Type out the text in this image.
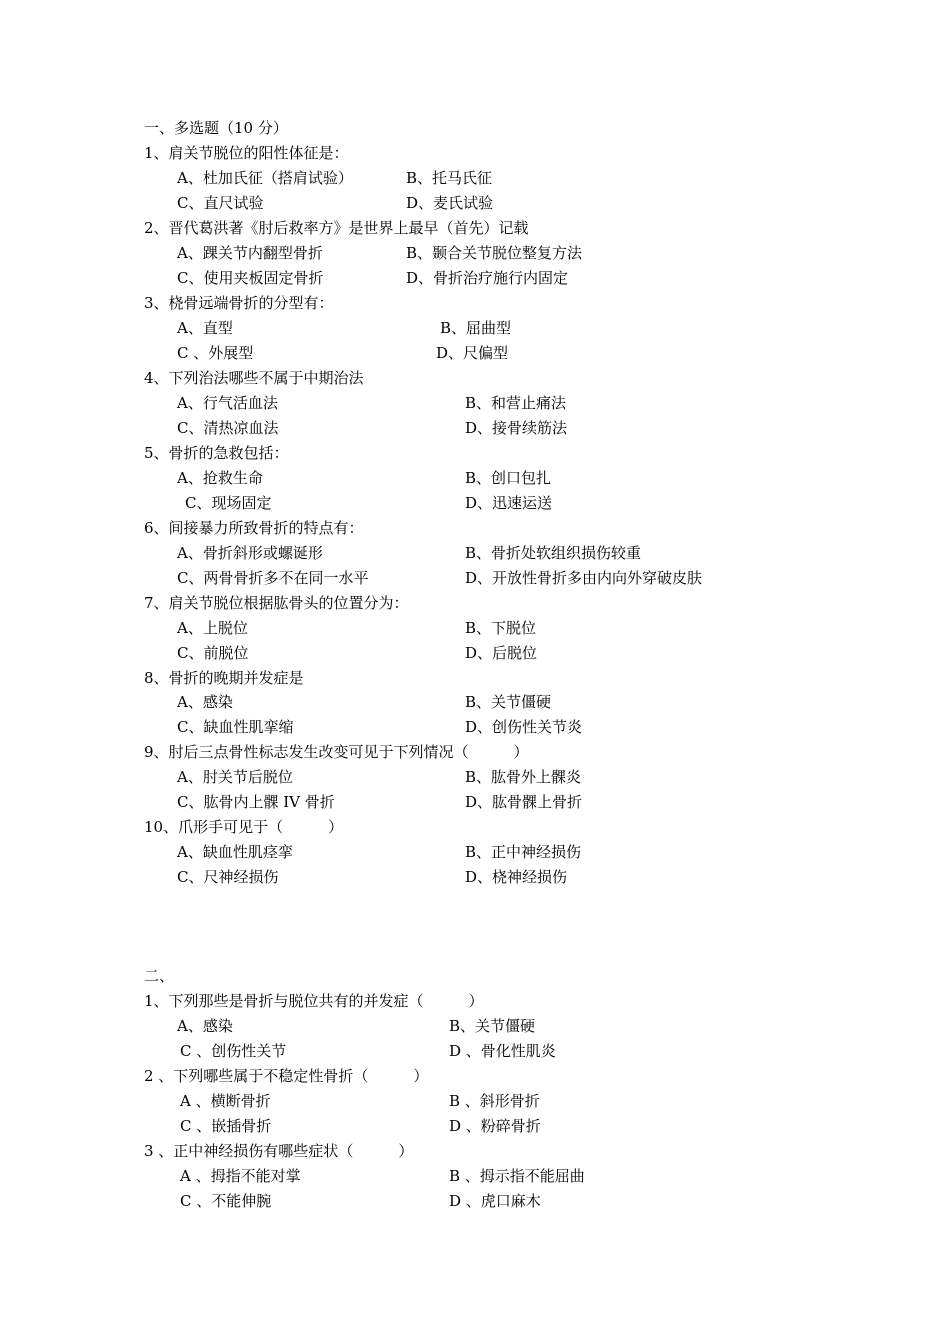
一、多选题（10 分）
1、肩关节脱位的阳性体征是：
A、杜加氏征（搭肩试验）	B、托马氏征
C、直尺试验	D、麦氏试验
2、晋代葛洪著《肘后救率方》是世界上最早（首先）记载
A、踝关节内翻型骨折	B、颞合关节脱位整复方法
C、使用夹板固定骨折	D、骨折治疗施行内固定
3、桡骨远端骨折的分型有：
A、直型	B、屈曲型
C 、外展型	D、尺偏型
4、下列治法哪些不属于中期治法
A、行气活血法	B、和营止痛法
C、清热凉血法	D、接骨续筋法
5、骨折的急救包括：
A、抢救生命	B、创口包扎
C、现场固定	D、迅速运送
6、间接暴力所致骨折的特点有：
A、骨折斜形或螺诞形	B、骨折处软组织损伤较重
C、两骨骨折多不在同一水平	D、开放性骨折多由内向外穿破皮肤
7、肩关节脱位根据肱骨头的位置分为：
A、上脱位	B、下脱位
C、前脱位	D、后脱位
8、骨折的晚期并发症是
A、感染	B、关节僵硬
C、缺血性肌挛缩	D、创伤性关节炎
9、肘后三点骨性标志发生改变可见于下列情况（　　　）
A、肘关节后脱位	B、肱骨外上髁炎
C、肱骨内上髁 IV 骨折	D、肱骨髁上骨折
10、爪形手可见于（　　　）
A、缺血性肌痉挛	B、正中神经损伤
C、尺神经损伤	D、桡神经损伤
二、
1、下列那些是骨折与脱位共有的并发症（　　　）
A、感染	B、关节僵硬
C 、创伤性关节	D 、骨化性肌炎
2 、下列哪些属于不稳定性骨折（　　　）
A 、横断骨折	B 、斜形骨折
C 、嵌插骨折	D 、粉碎骨折
3 、正中神经损伤有哪些症状（　　　）
A 、拇指不能对掌	B 、拇示指不能屈曲
C 、不能伸腕	D 、虎口麻木
